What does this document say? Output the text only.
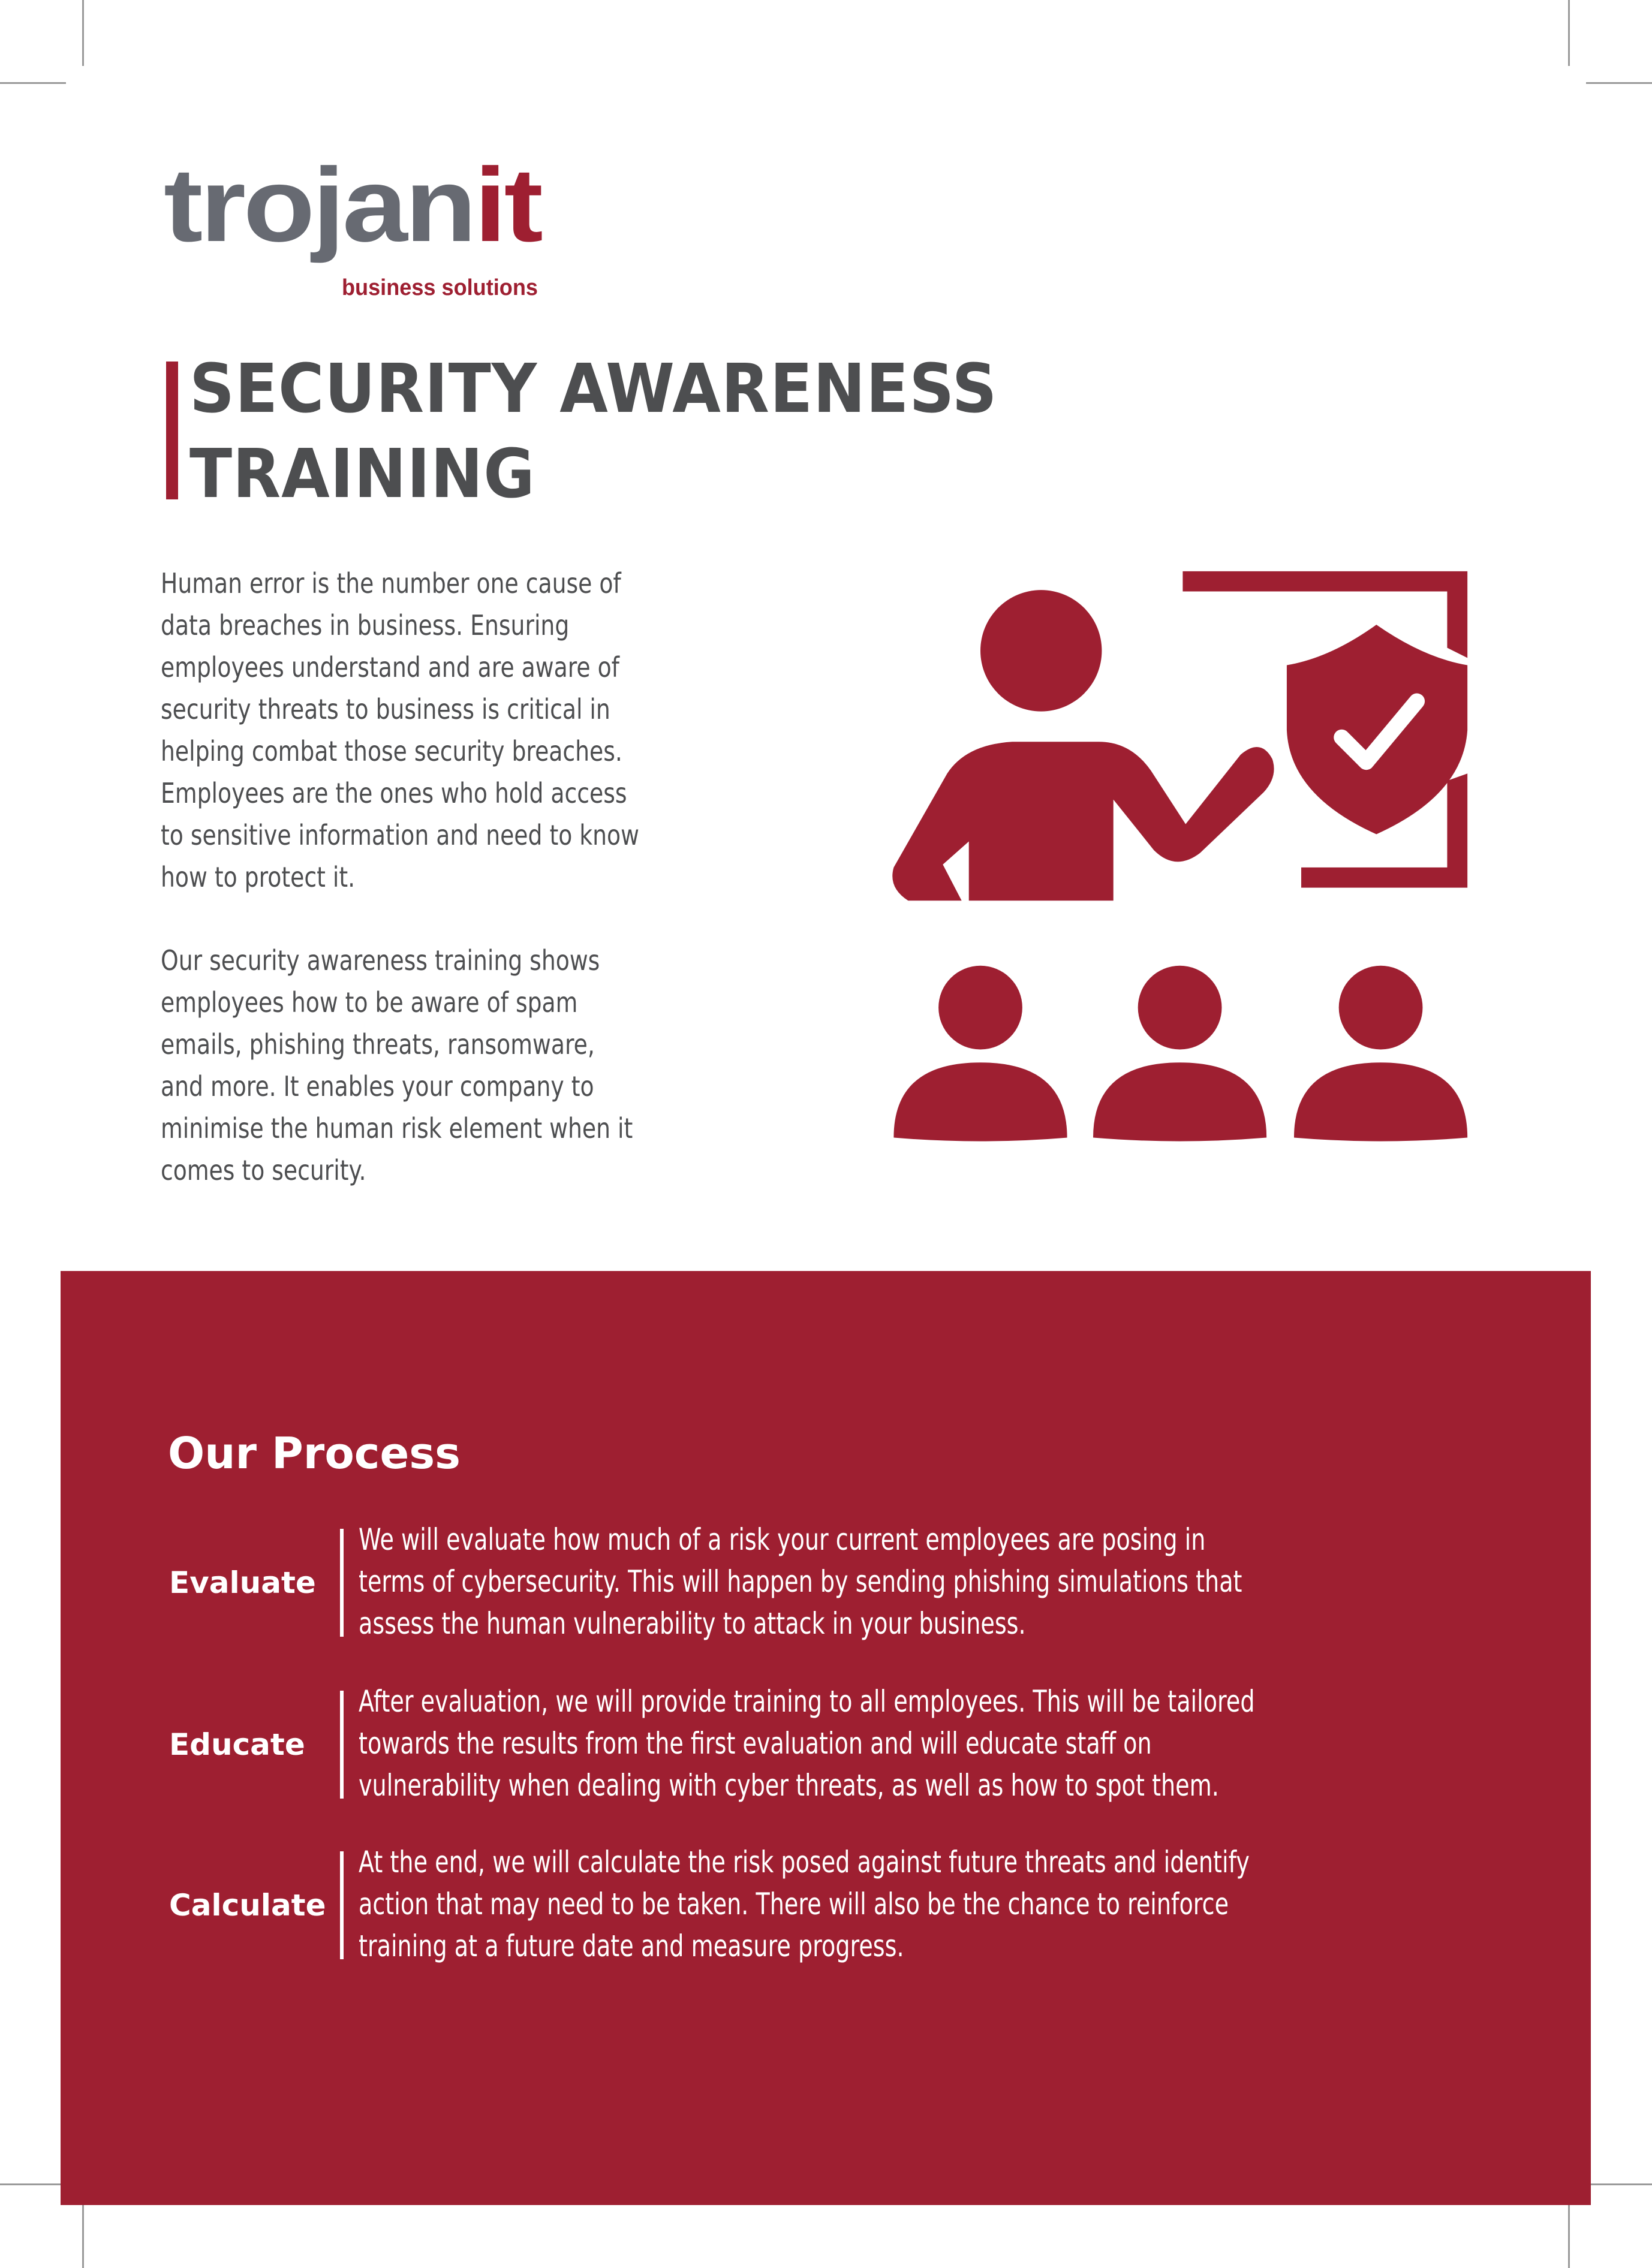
trojanit
business solutions
SECURITY AWARENESS
TRAINING
Human error is the number one cause of
data breaches in business. Ensuring
employees understand and are aware of
security threats to business is critical in
helping combat those security breaches.
Employees are the ones who hold access
to sensitive information and need to know
how to protect it.
Our security awareness training shows
employees how to be aware of spam
emails, phishing threats, ransomware,
and more. It enables your company to
minimise the human risk element when it
comes to security.
Our Process
Evaluate
We will evaluate how much of a risk your current employees are posing in
terms of cybersecurity. This will happen by sending phishing simulations that
assess the human vulnerability to attack in your business.
Educate
After evaluation, we will provide training to all employees. This will be tailored
towards the results from the first evaluation and will educate staff on
vulnerability when dealing with cyber threats, as well as how to spot them.
Calculate
At the end, we will calculate the risk posed against future threats and identify
action that may need to be taken. There will also be the chance to reinforce
training at a future date and measure progress.
